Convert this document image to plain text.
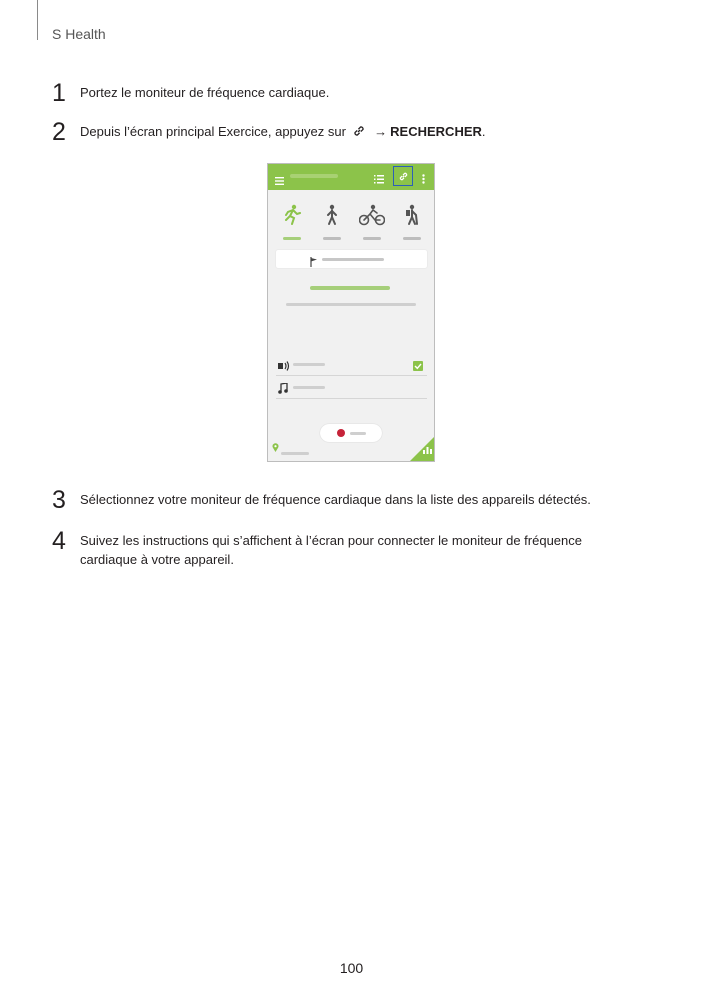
S Health
1	Portez le moniteur de fréquence cardiaque.
2	Depuis l’écran principal Exercice, appuyez sur → RECHERCHER.
3	Sélectionnez votre moniteur de fréquence cardiaque dans la liste des appareils détectés.
4	Suivez les instructions qui s’affichent à l’écran pour connecter le moniteur de fréquence
cardiaque à votre appareil.
100
